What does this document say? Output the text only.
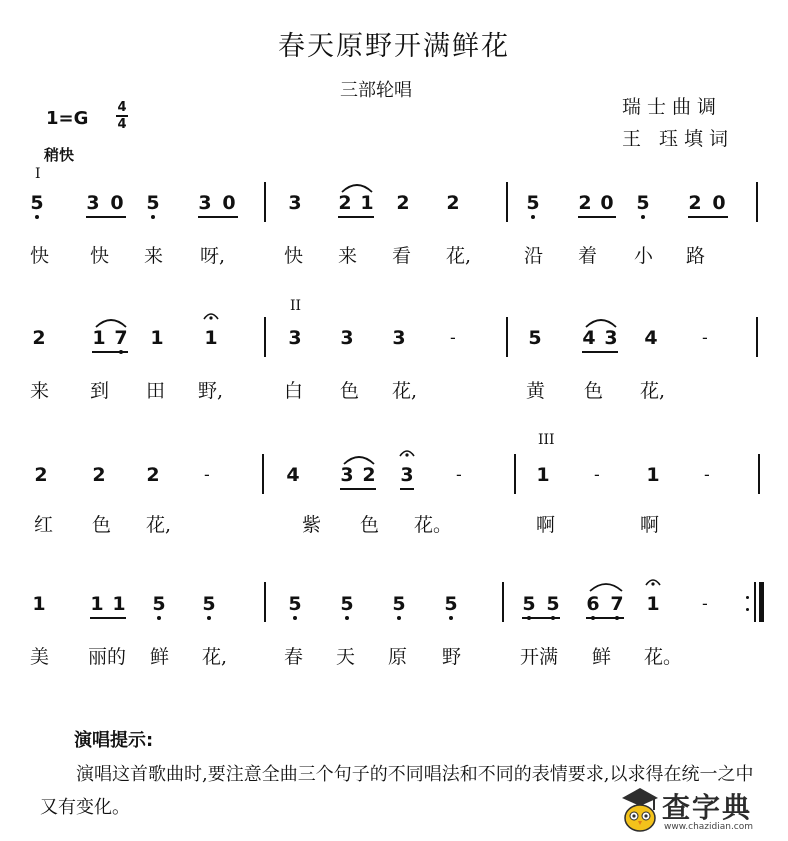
春天原野开满鲜花
三部轮唱
瑞士曲调
王 珏填词
1=G
4
4
稍快
I
II
III
5 3 0 5 3 0	3 2 1 2 2	5 2 0 5 2 0
快 快 来 呀,	快 来 看 花,	沿 着 小 路
2 1 7 1 1	3 3 3	-	5 4 3 4	-
来 到 田 野,	白 色 花,	黄 色 花,
2 2 2	-	4 3 2 3	-	1	- 1	-
红 色 花,	紫 色 花。	啊	啊
1 1 1 5 5	5 5 5 5	5 5 6 7 1	-
美 丽的 鲜 花,	春 天 原 野	开满 鲜 花。
演唱提示:
演唱这首歌曲时,要注意全曲三个句子的不同唱法和不同的表情要求,以求得在统一之中又有变化。	查字典
www.chazidian.com
